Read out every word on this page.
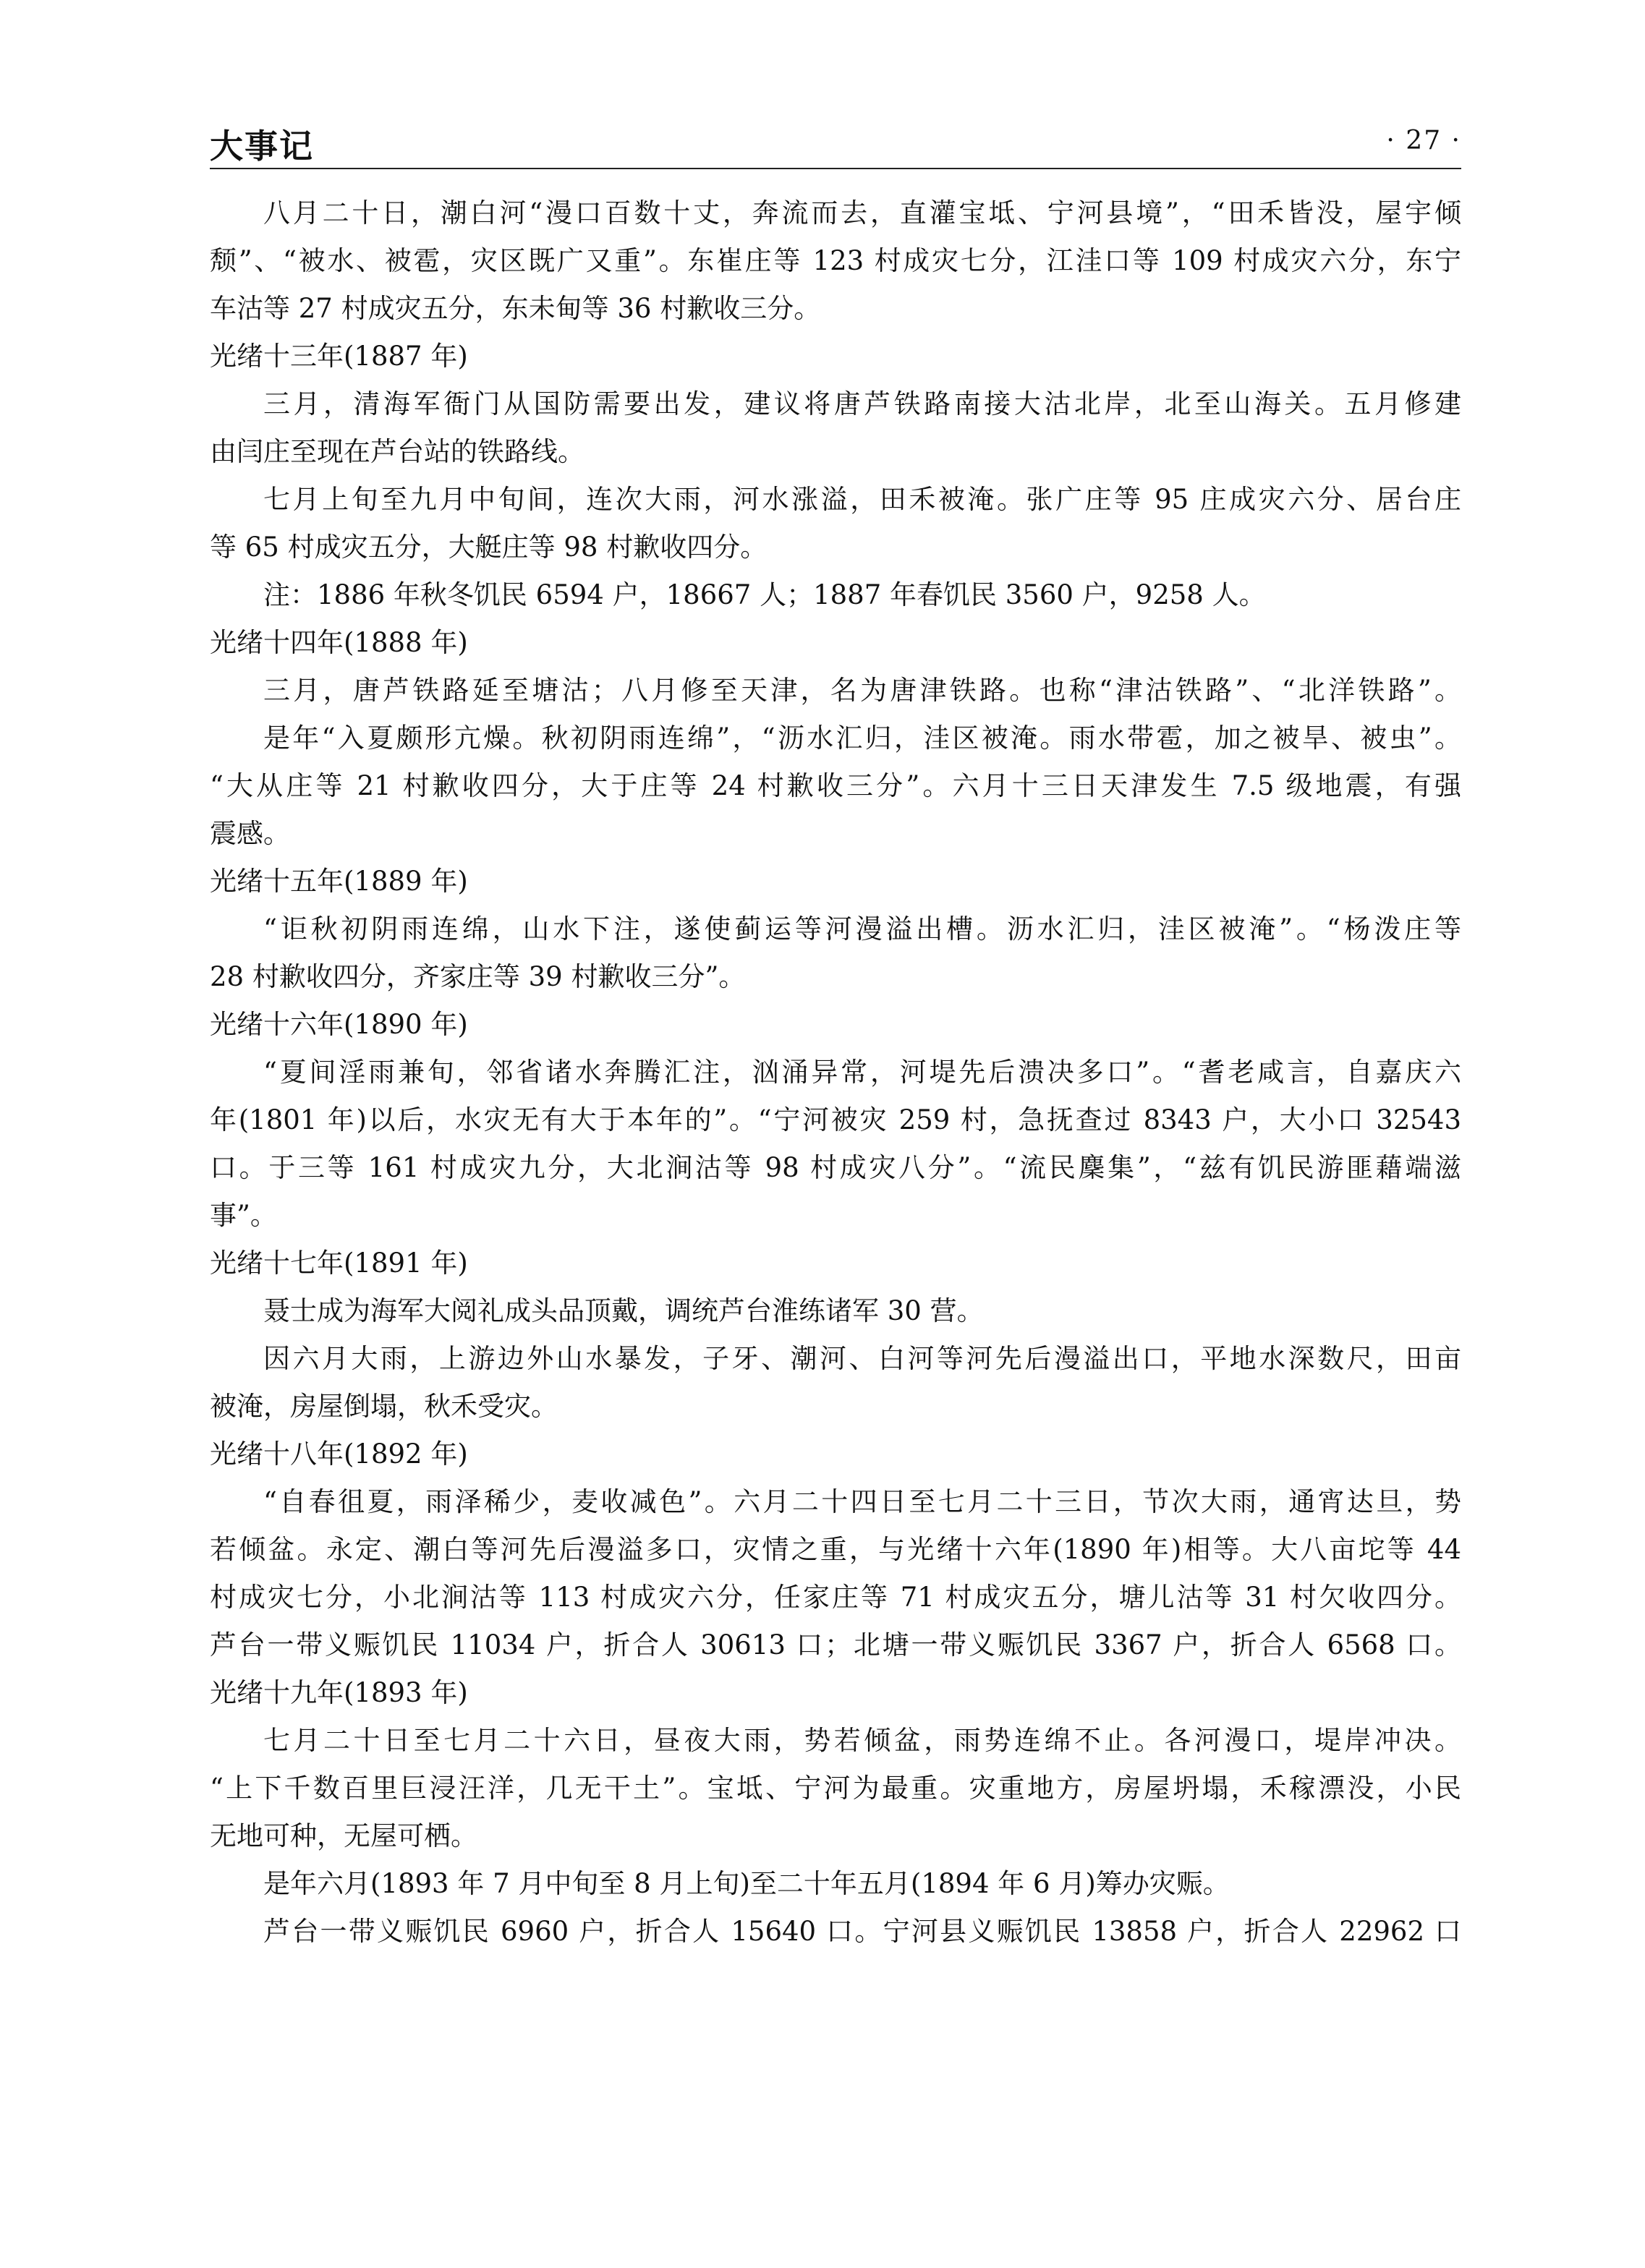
大事记	· 27 ·
八月二十日，潮白河“漫口百数十丈，奔流而去，直灌宝坻、宁河县境”，“田禾皆没，屋宇倾
颓”、“被水、被雹，灾区既广又重”。东崔庄等 123 村成灾七分，江洼口等 109 村成灾六分，东宁
车沽等 27 村成灾五分，东未甸等 36 村歉收三分。
光绪十三年(1887 年)
三月，清海军衙门从国防需要出发，建议将唐芦铁路南接大沽北岸，北至山海关。五月修建
由闫庄至现在芦台站的铁路线。
七月上旬至九月中旬间，连次大雨，河水涨溢，田禾被淹。张广庄等 95 庄成灾六分、居台庄
等 65 村成灾五分，大艇庄等 98 村歉收四分。
注：1886 年秋冬饥民 6594 户，18667 人；1887 年春饥民 3560 户，9258 人。
光绪十四年(1888 年)
三月，唐芦铁路延至塘沽；八月修至天津，名为唐津铁路。也称“津沽铁路”、“北洋铁路”。
是年“入夏颇形亢燥。秋初阴雨连绵”，“沥水汇归，洼区被淹。雨水带雹，加之被旱、被虫”。
“大从庄等 21 村歉收四分，大于庄等 24 村歉收三分”。六月十三日天津发生 7.5 级地震，有强
震感。
光绪十五年(1889 年)
“讵秋初阴雨连绵，山水下注，遂使蓟运等河漫溢出槽。沥水汇归，洼区被淹”。“杨泼庄等
28 村歉收四分，齐家庄等 39 村歉收三分”。
光绪十六年(1890 年)
“夏间淫雨兼旬，邻省诸水奔腾汇注，汹涌异常，河堤先后溃决多口”。“耆老咸言，自嘉庆六
年(1801 年)以后，水灾无有大于本年的”。“宁河被灾 259 村，急抚查过 8343 户，大小口 32543
口。于三等 161 村成灾九分，大北涧沽等 98 村成灾八分”。“流民麇集”，“兹有饥民游匪藉端滋
事”。
光绪十七年(1891 年)
聂士成为海军大阅礼成头品顶戴，调统芦台淮练诸军 30 营。
因六月大雨，上游边外山水暴发，子牙、潮河、白河等河先后漫溢出口，平地水深数尺，田亩
被淹，房屋倒塌，秋禾受灾。
光绪十八年(1892 年)
“自春徂夏，雨泽稀少，麦收减色”。六月二十四日至七月二十三日，节次大雨，通宵达旦，势
若倾盆。永定、潮白等河先后漫溢多口，灾情之重，与光绪十六年(1890 年)相等。大八亩坨等 44
村成灾七分，小北涧沽等 113 村成灾六分，任家庄等 71 村成灾五分，塘儿沽等 31 村欠收四分。
芦台一带义赈饥民 11034 户，折合人 30613 口；北塘一带义赈饥民 3367 户，折合人 6568 口。
光绪十九年(1893 年)
七月二十日至七月二十六日，昼夜大雨，势若倾盆，雨势连绵不止。各河漫口，堤岸冲决。
“上下千数百里巨浸汪洋，几无干土”。宝坻、宁河为最重。灾重地方，房屋坍塌，禾稼漂没，小民
无地可种，无屋可栖。
是年六月(1893 年 7 月中旬至 8 月上旬)至二十年五月(1894 年 6 月)筹办灾赈。
芦台一带义赈饥民 6960 户，折合人 15640 口。宁河县义赈饥民 13858 户，折合人 22962 口
